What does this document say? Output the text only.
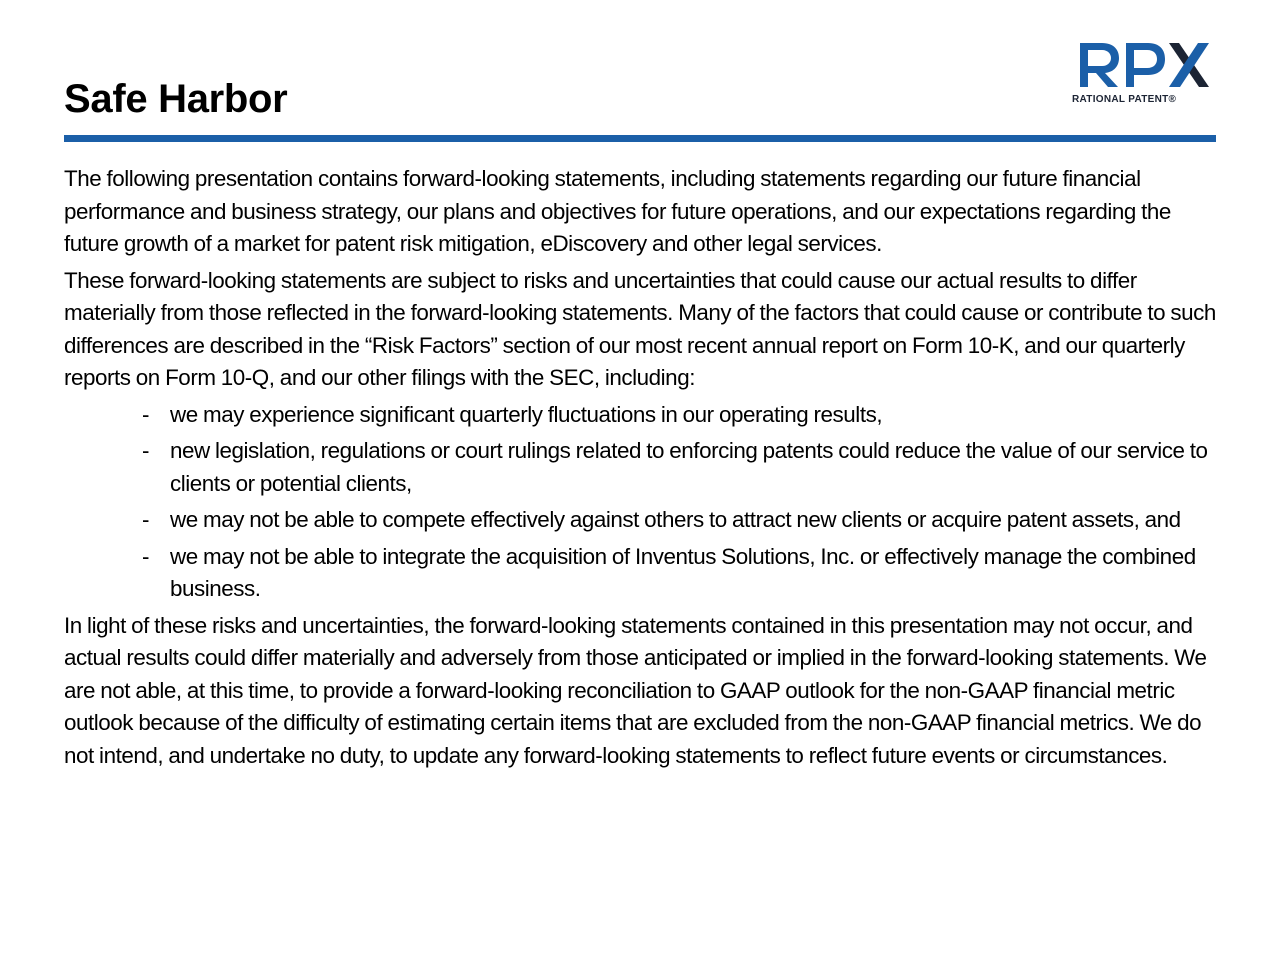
Safe Harbor	RATIONAL PATENT®

The following presentation contains forward-looking statements, including statements regarding our future financial performance and business strategy, our plans and objectives for future operations, and our expectations regarding the future growth of a market for patent risk mitigation, eDiscovery and other legal services.

These forward-looking statements are subject to risks and uncertainties that could cause our actual results to differ materially from those reflected in the forward-looking statements. Many of the factors that could cause or contribute to such differences are described in the “Risk Factors” section of our most recent annual report on Form 10-K, and our quarterly reports on Form 10-Q, and our other filings with the SEC, including:

- we may experience significant quarterly fluctuations in our operating results,
- new legislation, regulations or court rulings related to enforcing patents could reduce the value of our service to clients or potential clients,
- we may not be able to compete effectively against others to attract new clients or acquire patent assets, and
- we may not be able to integrate the acquisition of Inventus Solutions, Inc. or effectively manage the combined business.

In light of these risks and uncertainties, the forward-looking statements contained in this presentation may not occur, and actual results could differ materially and adversely from those anticipated or implied in the forward-looking statements. We are not able, at this time, to provide a forward-looking reconciliation to GAAP outlook for the non-GAAP financial metric outlook because of the difficulty of estimating certain items that are excluded from the non-GAAP financial metrics. We do not intend, and undertake no duty, to update any forward-looking statements to reflect future events or circumstances.
